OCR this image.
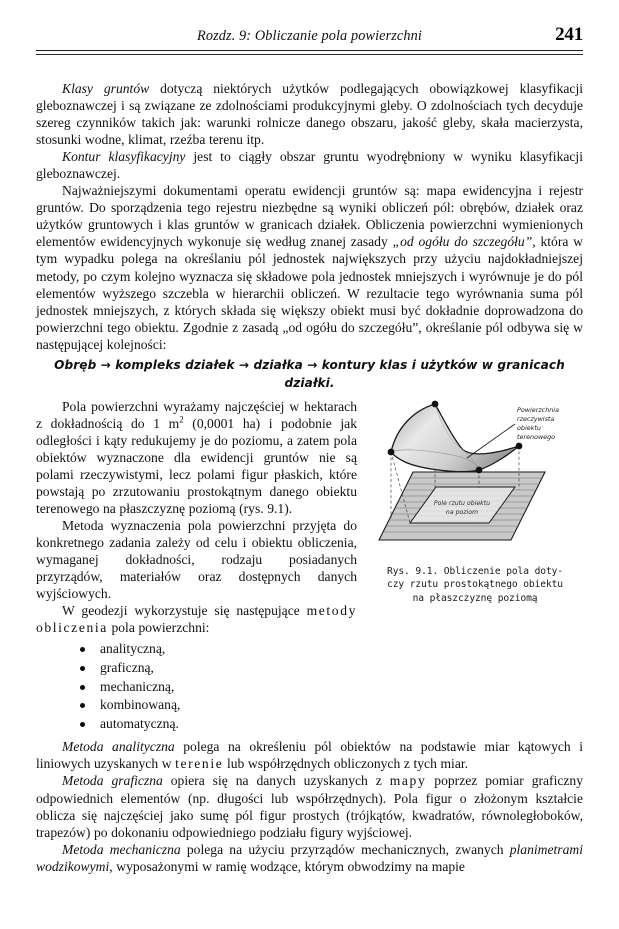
Rozdz. 9: Obliczanie pola powierzchni	241

Klasy gruntów dotyczą niektórych użytków podlegających obowiązkowej klasyfikacji gleboznawczej i są związane ze zdolnościami produkcyjnymi gleby. O zdolnościach tych decyduje szereg czynników takich jak: warunki rolnicze danego obszaru, jakość gleby, skała macierzysta, stosunki wodne, klimat, rzeźba terenu itp.

Kontur klasyfikacyjny jest to ciągły obszar gruntu wyodrębniony w wyniku klasyfikacji gleboznawczej.

Najważniejszymi dokumentami operatu ewidencji gruntów są: mapa ewidencyjna i rejestr gruntów. Do sporządzenia tego rejestru niezbędne są wyniki obliczeń pól: obrębów, działek oraz użytków gruntowych i klas gruntów w granicach działek. Obliczenia powierzchni wymienionych elementów ewidencyjnych wykonuje się według znanej zasady „od ogółu do szczegółu”, która w tym wypadku polega na określaniu pól jednostek największych przy użyciu najdokładniejszej metody, po czym kolejno wyznacza się składowe pola jednostek mniejszych i wyrównuje je do pól elementów wyższego szczebla w hierarchii obliczeń. W rezultacie tego wyrównania suma pól jednostek mniejszych, z których składa się większy obiekt musi być dokładnie doprowadzona do powierzchni tego obiektu. Zgodnie z zasadą „od ogółu do szczegółu”, określanie pól odbywa się w następującej kolejności:

Obręb → kompleks działek → działka → kontury klas i użytków w granicach działki.

Pole rzutu obiektu
na poziom
Powierzchnia
rzeczywista
obiektu
terenowego
Rys. 9.1. Obliczenie pola doty-
czy rzutu prostokątnego obiektu
na płaszczyznę poziomą

Pola powierzchni wyrażamy najczęściej w hektarach z dokładnością do 1 $m^2$ (0,0001 ha) i podobnie jak odległości i kąty redukujemy je do poziomu, a zatem pola obiektów wyznaczone dla ewidencji gruntów nie są polami rzeczywistymi, lecz polami figur płaskich, które powstają po zrzutowaniu prostokątnym danego obiektu terenowego na płaszczyznę poziomą (rys. 9.1).

Metoda wyznaczenia pola powierzchni przyjęta do konkretnego zadania zależy od celu i obiektu obliczenia, wymaganej dokładności, rodzaju posiadanych przyrządów, materiałów oraz dostępnych danych wyjściowych.

W geodezji wykorzystuje się następujące metody obliczenia pola powierzchni:

analityczną,
graficzną,
mechaniczną,
kombinowaną,
automatyczną.

Metoda analityczna polega na określeniu pól obiektów na podstawie miar kątowych i liniowych uzyskanych w terenie lub współrzędnych obliczonych z tych miar.

Metoda graficzna opiera się na danych uzyskanych z mapy poprzez pomiar graficzny odpowiednich elementów (np. długości lub współrzędnych). Pola figur o złożonym kształcie oblicza się najczęściej jako sumę pól figur prostych (trójkątów, kwadratów, równoległoboków, trapezów) po dokonaniu odpowiedniego podziału figury wyjściowej.

Metoda mechaniczna polega na użyciu przyrządów mechanicznych, zwanych planimetrami wodzikowymi, wyposażonymi w ramię wodzące, którym obwodzimy na mapie
